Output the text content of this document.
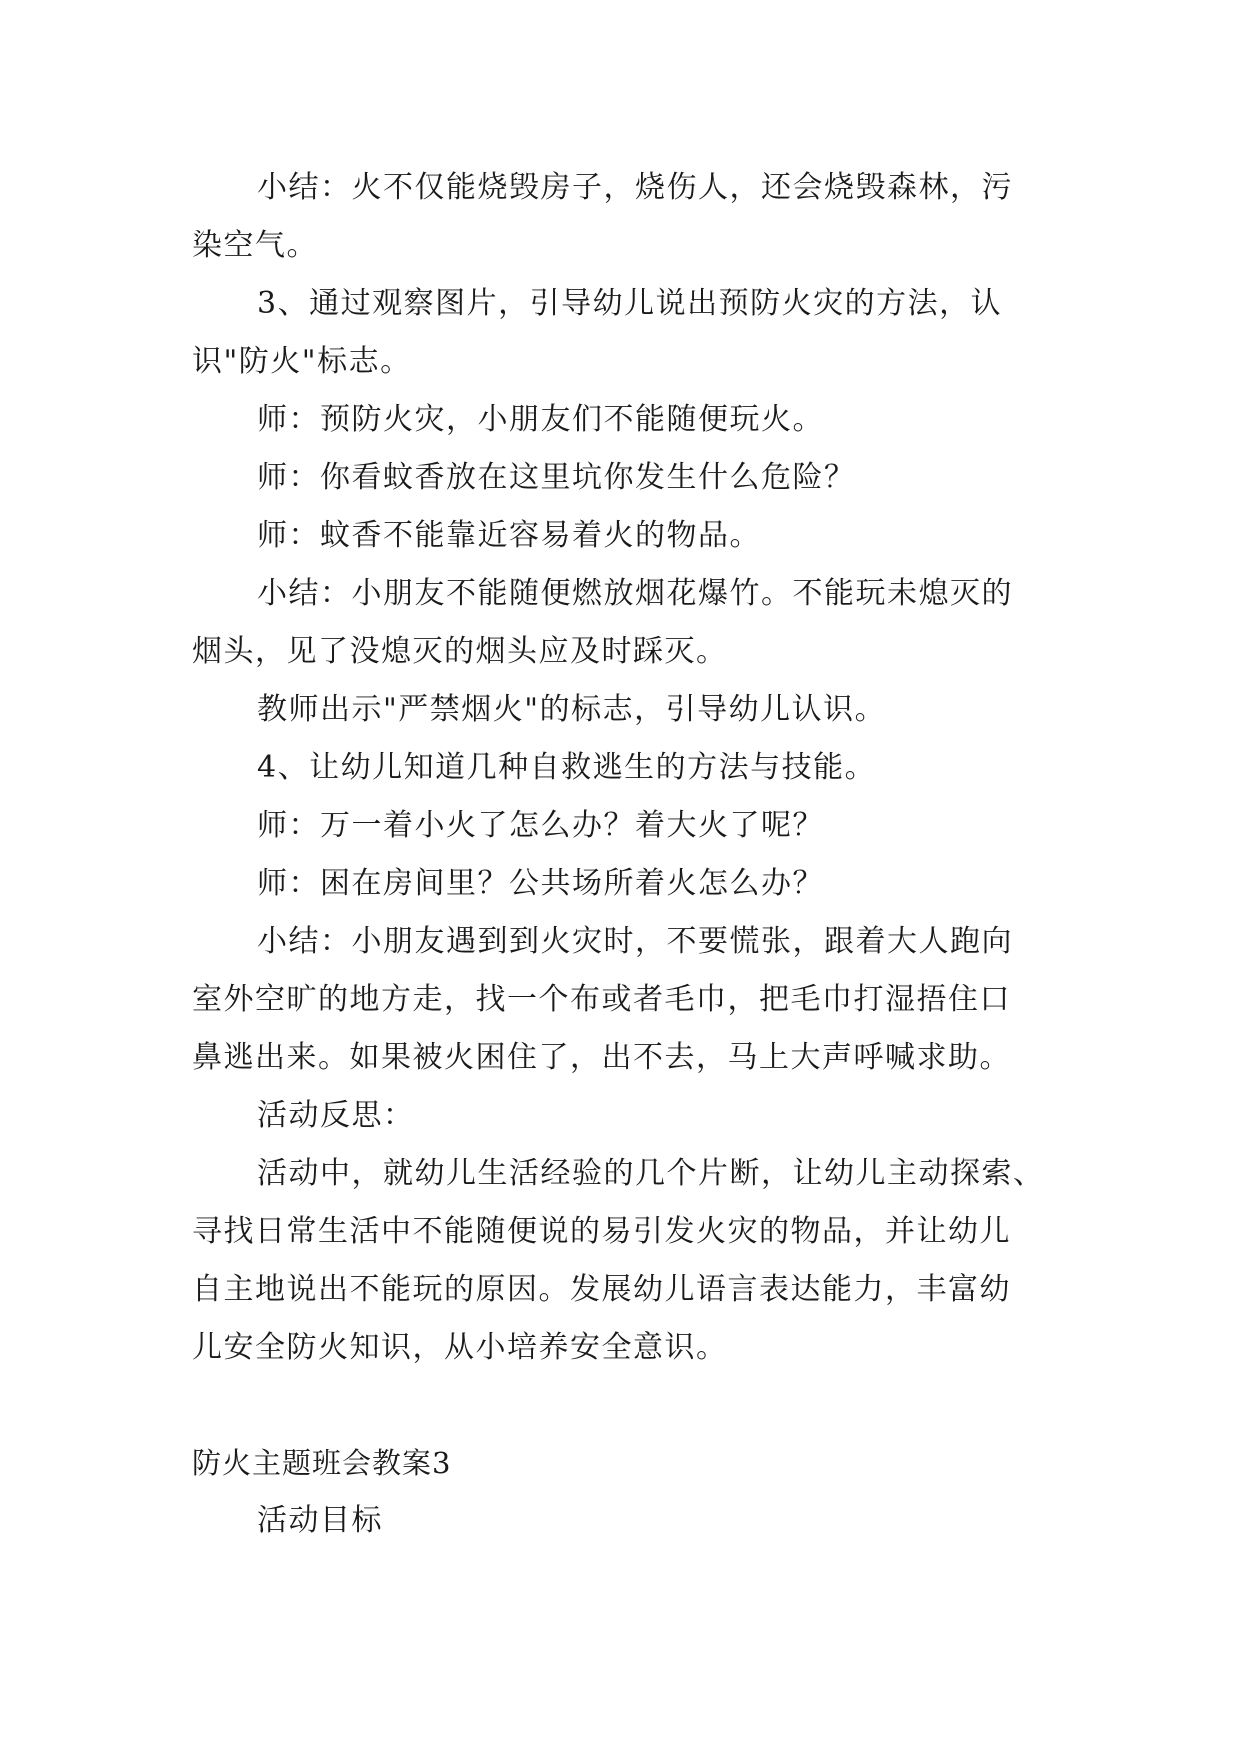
小结：火不仅能烧毁房子，烧伤人，还会烧毁森林，污
染空气。
3、通过观察图片，引导幼儿说出预防火灾的方法，认
识"防火"标志。
师：预防火灾，小朋友们不能随便玩火。
师：你看蚊香放在这里坑你发生什么危险？
师：蚊香不能靠近容易着火的物品。
小结：小朋友不能随便燃放烟花爆竹。不能玩未熄灭的
烟头，见了没熄灭的烟头应及时踩灭。
教师出示"严禁烟火"的标志，引导幼儿认识。
4、让幼儿知道几种自救逃生的方法与技能。
师：万一着小火了怎么办？着大火了呢？
师：困在房间里？公共场所着火怎么办？
小结：小朋友遇到到火灾时，不要慌张，跟着大人跑向
室外空旷的地方走，找一个布或者毛巾，把毛巾打湿捂住口
鼻逃出来。如果被火困住了，出不去，马上大声呼喊求助。
活动反思：
活动中，就幼儿生活经验的几个片断，让幼儿主动探索、
寻找日常生活中不能随便说的易引发火灾的物品，并让幼儿
自主地说出不能玩的原因。发展幼儿语言表达能力，丰富幼
儿安全防火知识，从小培养安全意识。
防火主题班会教案3
活动目标
